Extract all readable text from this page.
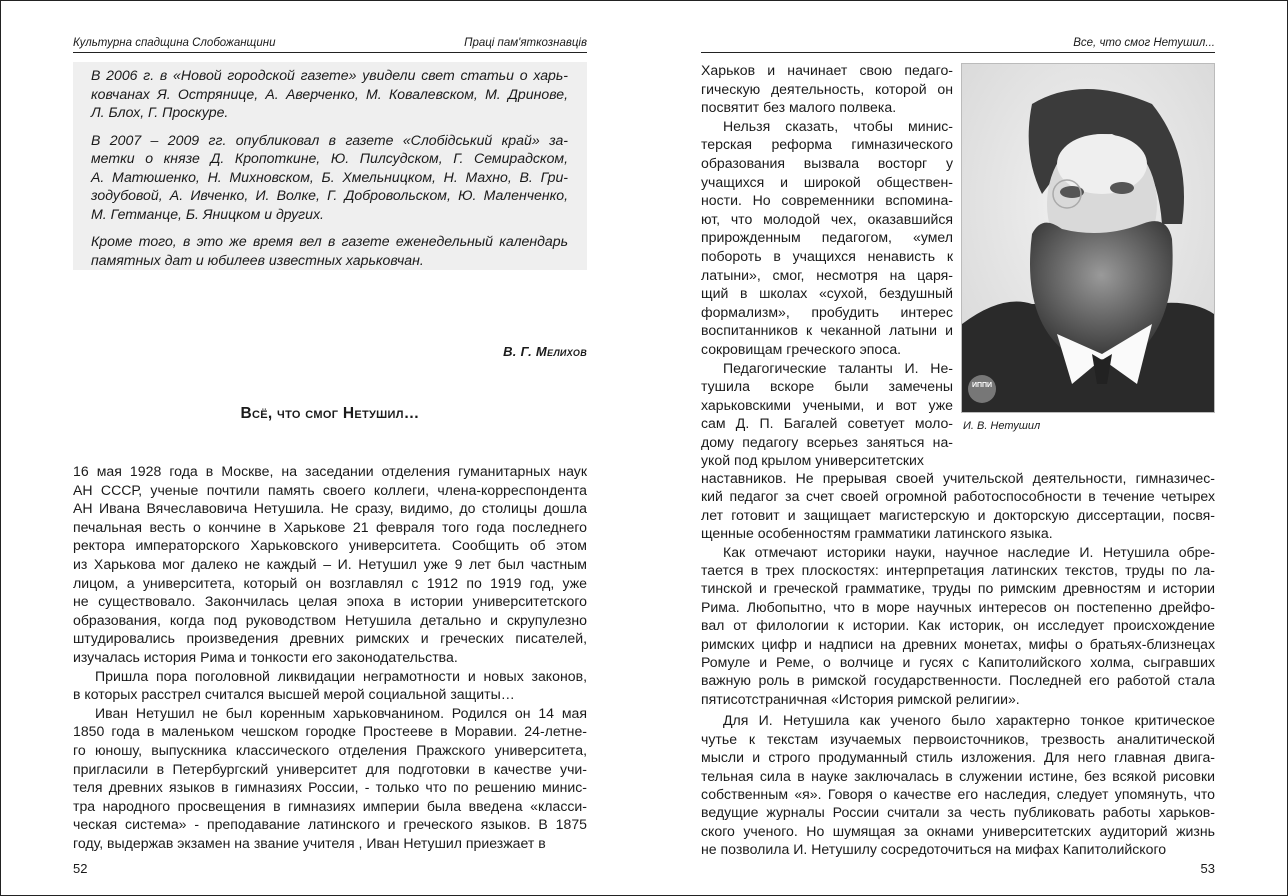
Культурна спадщина Слобожанщини	Праці пам'яткознавців
В 2006 г. в «Новой городской газете» увидели свет статьи о харь-
ковчанах Я. Острянице, А. Аверченко, М. Ковалевском, М. Дринове,
Л. Блох, Г. Проскуре.
В 2007 – 2009 гг. опубликовал в газете «Слобідський край» за-
метки о князе Д. Кропоткине, Ю. Пилсудском, Г. Семирадском,
А. Матюшенко, Н. Михновском, Б. Хмельницком, Н. Махно, В. Гри-
зодубовой, А. Ивченко, И. Волке, Г. Добровольском, Ю. Маленченко,
М. Гетманце, Б. Яницком и других.
Кроме того, в это же время вел в газете еженедельный календарь
памятных дат и юбилеев известных харьковчан.
В. Г. Мелихов
Всё, что смог Нетушил…
16 мая 1928 года в Москве, на заседании отделения гуманитарных наук
АН СССР, ученые почтили память своего коллеги, члена-корреспондента
АН Ивана Вячеславовича Нетушила. Не сразу, видимо, до столицы дошла
печальная весть о кончине в Харькове 21 февраля того года последнего
ректора императорского Харьковского университета. Сообщить об этом
из Харькова мог далеко не каждый – И. Нетушил уже 9 лет был частным
лицом, а университета, который он возглавлял с 1912 по 1919 год, уже
не существовало. Закончилась целая эпоха в истории университетского
образования, когда под руководством Нетушила детально и скрупулезно
штудировались произведения древних римских и греческих писателей,
изучалась история Рима и тонкости его законодательства.
Пришла пора поголовной ликвидации неграмотности и новых законов,
в которых расстрел считался высшей мерой социальной защиты…
Иван Нетушил не был коренным харьковчанином. Родился он 14 мая
1850 года в маленьком чешском городке Простееве в Моравии. 24-летне-
го юношу, выпускника классического отделения Пражского университета,
пригласили в Петербургский университет для подготовки в качестве учи-
теля древних языков в гимназиях России, - только что по решению минис-
тра народного просвещения в гимназиях империи была введена «класси-
ческая система» - преподавание латинского и греческого языков. В 1875
году, выдержав экзамен на звание учителя , Иван Нетушил приезжает в
52
Все, что смог Нетушил...
Харьков и начинает свою педаго-
гическую деятельность, которой он
посвятит без малого полвека.
Нельзя сказать, чтобы минис-
терская реформа гимназического
образования вызвала восторг у
учащихся и широкой обществен-
ности. Но современники вспомина-
ют, что молодой чех, оказавшийся
прирожденным педагогом, «умел
побороть в учащихся ненависть к
латыни», смог, несмотря на царя-
щий в школах «сухой, бездушный
формализм», пробудить интерес
воспитанников к чеканной латыни и
сокровищам греческого эпоса.
Педагогические таланты И. Не-
тушила вскоре были замечены
харьковскими учеными, и вот уже
сам Д. П. Багалей советует моло-
дому педагогу всерьез заняться на-
укой под крылом университетских
ИППИ
И. В. Нетушил
наставников. Не прерывая своей учительской деятельности, гимназичес-
кий педагог за счет своей огромной работоспособности в течение четырех
лет готовит и защищает магистерскую и докторскую диссертации, посвя-
щенные особенностям грамматики латинского языка.
Как отмечают историки науки, научное наследие И. Нетушила обре-
тается в трех плоскостях: интерпретация латинских текстов, труды по ла-
тинской и греческой грамматике, труды по римским древностям и истории
Рима. Любопытно, что в море научных интересов он постепенно дрейфо-
вал от филологии к истории. Как историк, он исследует происхождение
римских цифр и надписи на древних монетах, мифы о братьях-близнецах
Ромуле и Реме, о волчице и гусях с Капитолийского холма, сыгравших
важную роль в римской государственности. Последней его работой стала
пятисотстраничная «История римской религии».
Для И. Нетушила как ученого было характерно тонкое критическое
чутье к текстам изучаемых первоисточников, трезвость аналитической
мысли и строго продуманный стиль изложения. Для него главная двига-
тельная сила в науке заключалась в служении истине, без всякой рисовки
собственным «я». Говоря о качестве его наследия, следует упомянуть, что
ведущие журналы России считали за честь публиковать работы харьков-
ского ученого. Но шумящая за окнами университетских аудиторий жизнь
не позволила И. Нетушилу сосредоточиться на мифах Капитолийского
53
